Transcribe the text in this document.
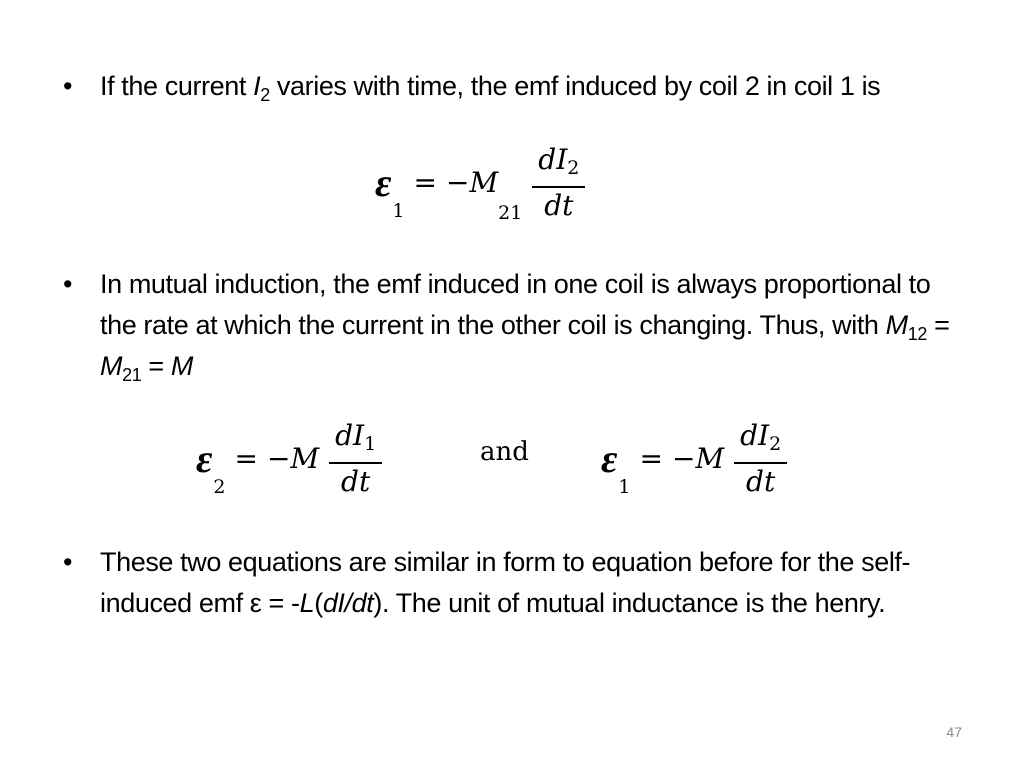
• If the current $I_2$ varies with time, the emf induced by coil 2 in coil 1 is
ε
1
= − M
$21 \frac{dI2}{dt}$
• In mutual induction, the emf induced in one coil is always proportional to the rate at which the current in the other coil is changing. Thus, with $M_{12} = M_{21} = M$
ε
2
= − M $\frac{dI1}{dt}$	and ε
1
= − M $\frac{dI2}{dt}$
• These two equations are similar in form to equation before for the self-induced emf ε = -L(dI/dt). The unit of mutual inductance is the henry.
47
